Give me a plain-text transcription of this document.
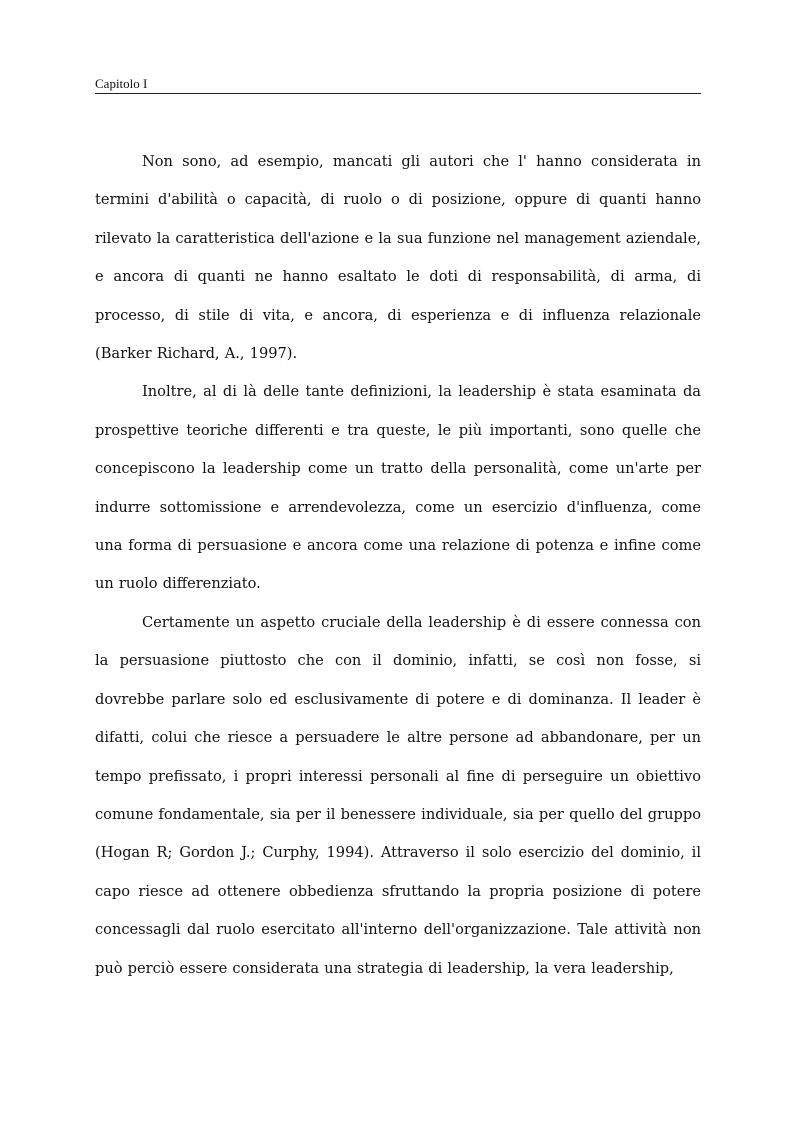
Capitolo I

Non sono, ad esempio, mancati gli autori che l' hanno considerata in termini d'abilità o capacità, di ruolo o di posizione, oppure di quanti hanno rilevato la caratteristica dell'azione e la sua funzione nel management aziendale, e ancora di quanti ne hanno esaltato le doti di responsabilità, di arma, di processo, di stile di vita, e ancora, di esperienza e di influenza relazionale (Barker Richard, A., 1997).

Inoltre, al di là delle tante definizioni, la leadership è stata esaminata da prospettive teoriche differenti e tra queste, le più importanti, sono quelle che concepiscono la leadership come un tratto della personalità, come un'arte per indurre sottomissione e arrendevolezza, come un esercizio d'influenza, come una forma di persuasione e ancora come una relazione di potenza e infine come un ruolo differenziato.

Certamente un aspetto cruciale della leadership è di essere connessa con la persuasione piuttosto che con il dominio, infatti, se così non fosse, si dovrebbe parlare solo ed esclusivamente di potere e di dominanza. Il leader è difatti, colui che riesce a persuadere le altre persone ad abbandonare, per un tempo prefissato, i propri interessi personali al fine di perseguire un obiettivo comune fondamentale, sia per il benessere individuale, sia per quello del gruppo (Hogan R; Gordon J.; Curphy, 1994). Attraverso il solo esercizio del dominio, il capo riesce ad ottenere obbedienza sfruttando la propria posizione di potere concessagli dal ruolo esercitato all'interno dell'organizzazione. Tale attività non può perciò essere considerata una strategia di leadership, la vera leadership,
